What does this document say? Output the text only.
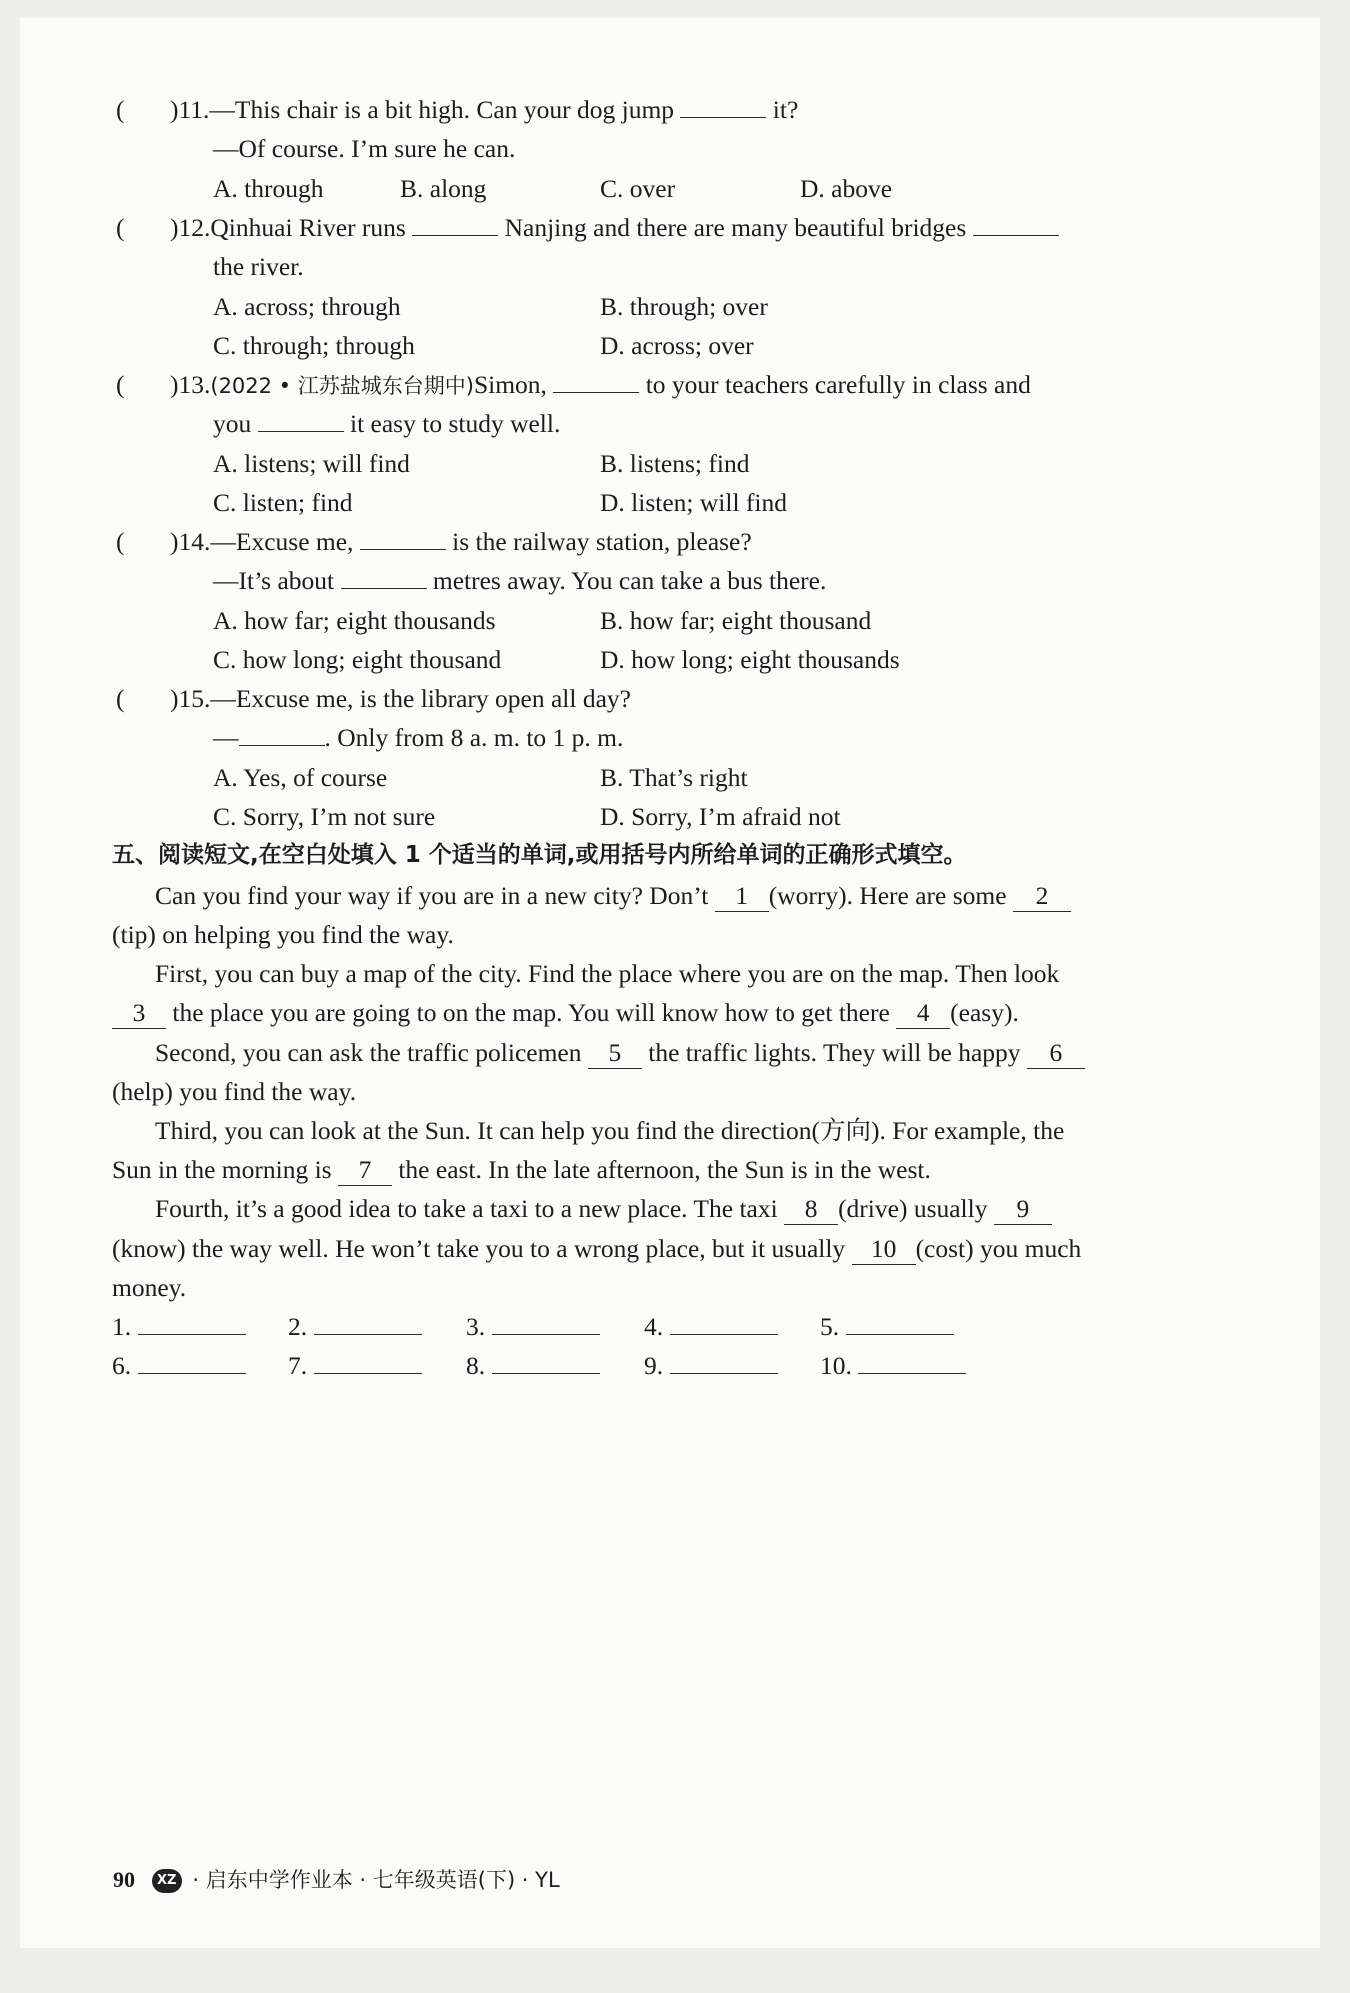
( )11.—This chair is a bit high. Can your dog jump	it?
—Of course. I’m sure he can.
A. through	B. along	C. over	D. above
( )12.Qinhuai River runs	Nanjing and there are many beautiful bridges
the river.
A. across; through	B. through; over
C. through; through	D. across; over
( )13.(2022 • 江苏盐城东台期中)Simon,	to your teachers carefully in class and
you	it easy to study well.
A. listens; will find	B. listens; find
C. listen; find	D. listen; will find
( )14.—Excuse me,	is the railway station, please?
—It’s about	metres away. You can take a bus there.
A. how far; eight thousands	B. how far; eight thousand
C. how long; eight thousand	D. how long; eight thousands
( )15.—Excuse me, is the library open all day?
—	. Only from 8 a. m. to 1 p. m.
A. Yes, of course	B. That’s right
C. Sorry, I’m not sure	D. Sorry, I’m afraid not
五、阅读短文,在空白处填入 1 个适当的单词,或用括号内所给单词的正确形式填空。
Can you find your way if you are in a new city? Don’t 1 (worry). Here are some 2
(tip) on helping you find the way.
First, you can buy a map of the city. Find the place where you are on the map. Then look
3 the place you are going to on the map. You will know how to get there 4 (easy).
Second, you can ask the traffic policemen 5 the traffic lights. They will be happy 6
(help) you find the way.
Third, you can look at the Sun. It can help you find the direction(方向). For example, the
Sun in the morning is 7 the east. In the late afternoon, the Sun is in the west.
Fourth, it’s a good idea to take a taxi to a new place. The taxi 8 (drive) usually 9
(know) the way well. He won’t take you to a wrong place, but it usually 10 (cost) you much
money.
1.	2.	3.	4.	5.
6.	7.	8.	9.	10.
90 XZ · 启东中学作业本 · 七年级英语(下) · YL
